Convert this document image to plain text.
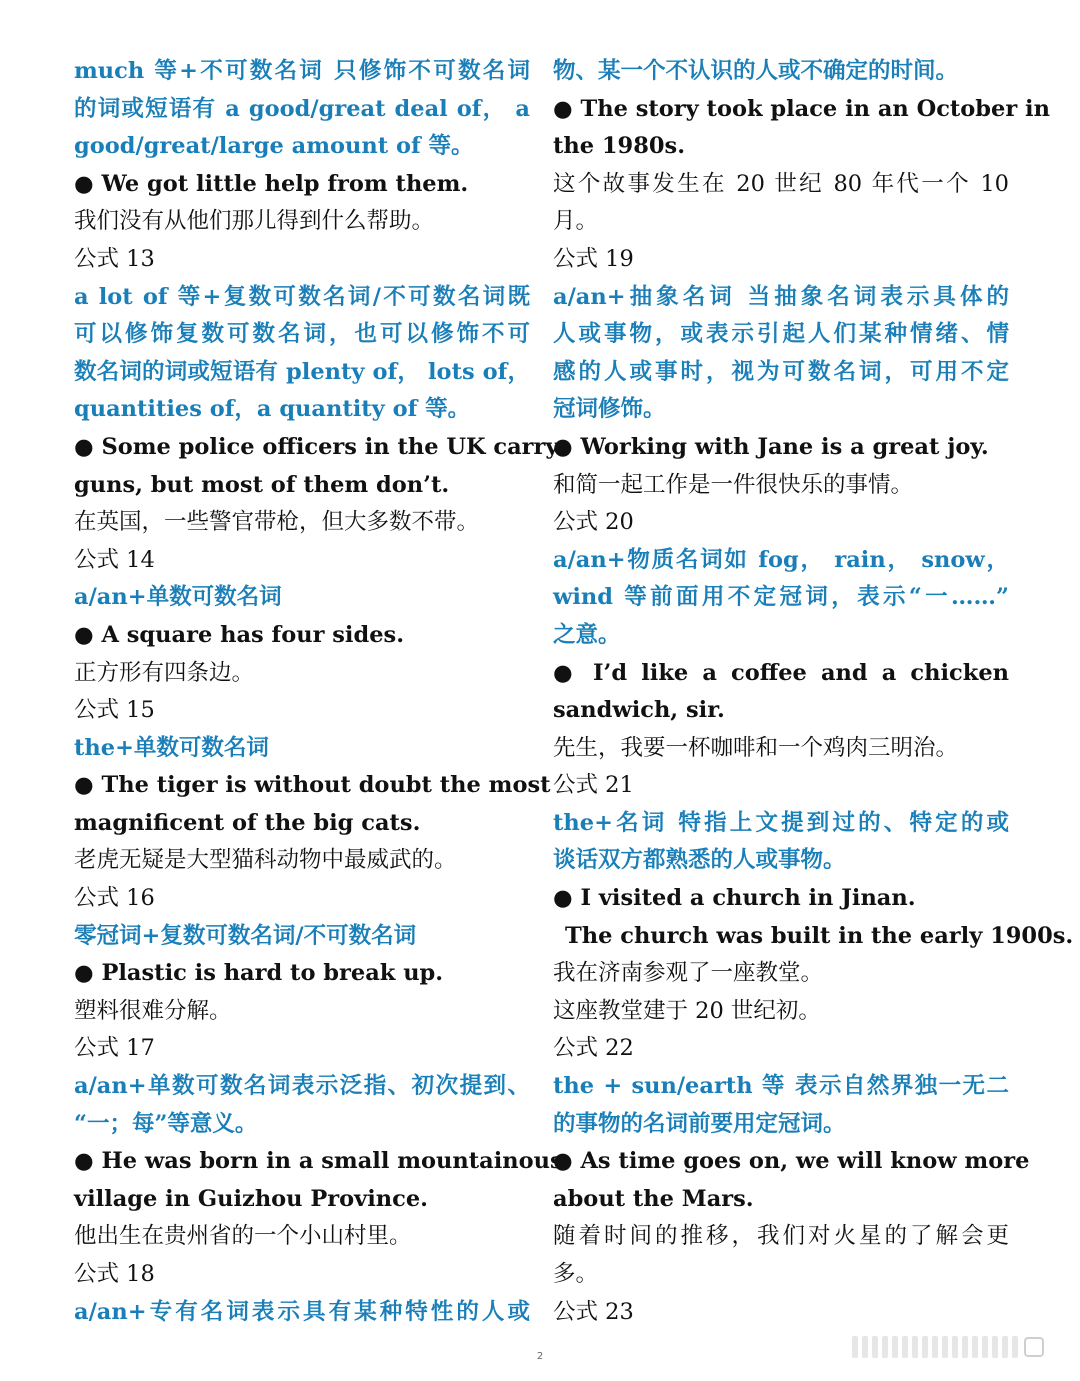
much 等+不可数名词 只修饰不可数名词
的词或短语有 a good/great deal of， a
good/great/large amount of 等。
● We got little help from them.
我们没有从他们那儿得到什么帮助。
公式 13
a lot of 等+复数可数名词/不可数名词既
可以修饰复数可数名词，也可以修饰不可
数名词的词或短语有 plenty of， lots of，
quantities of，a quantity of 等。
● Some police officers in the UK carry
guns, but most of them don’t.
在英国，一些警官带枪，但大多数不带。
公式 14
a/an+单数可数名词
● A square has four sides.
正方形有四条边。
公式 15
the+单数可数名词
● The tiger is without doubt the most
magnificent of the big cats.
老虎无疑是大型猫科动物中最威武的。
公式 16
零冠词+复数可数名词/不可数名词
● Plastic is hard to break up.
塑料很难分解。
公式 17
a/an+单数可数名词表示泛指、初次提到、
“一；每”等意义。
● He was born in a small mountainous
village in Guizhou Province.
他出生在贵州省的一个小山村里。
公式 18
a/an+专有名词表示具有某种特性的人或
物、某一个不认识的人或不确定的时间。
● The story took place in an October in
the 1980s.
这个故事发生在 20 世纪 80 年代一个 10
月。
公式 19
a/an+抽象名词 当抽象名词表示具体的
人或事物，或表示引起人们某种情绪、情
感的人或事时，视为可数名词，可用不定
冠词修饰。
● Working with Jane is a great joy.
和简一起工作是一件很快乐的事情。
公式 20
a/an+物质名词如 fog， rain， snow，
wind 等前面用不定冠词，表示“一……”
之意。
● I’d like a coffee and a chicken
sandwich, sir.
先生，我要一杯咖啡和一个鸡肉三明治。
公式 21
the+名词 特指上文提到过的、特定的或
谈话双方都熟悉的人或事物。
● I visited a church in Jinan.
The church was built in the early 1900s.
我在济南参观了一座教堂。
这座教堂建于 20 世纪初。
公式 22
the + sun/earth 等 表示自然界独一无二
的事物的名词前要用定冠词。
● As time goes on, we will know more
about the Mars.
随着时间的推移，我们对火星的了解会更
多。
公式 23
2
